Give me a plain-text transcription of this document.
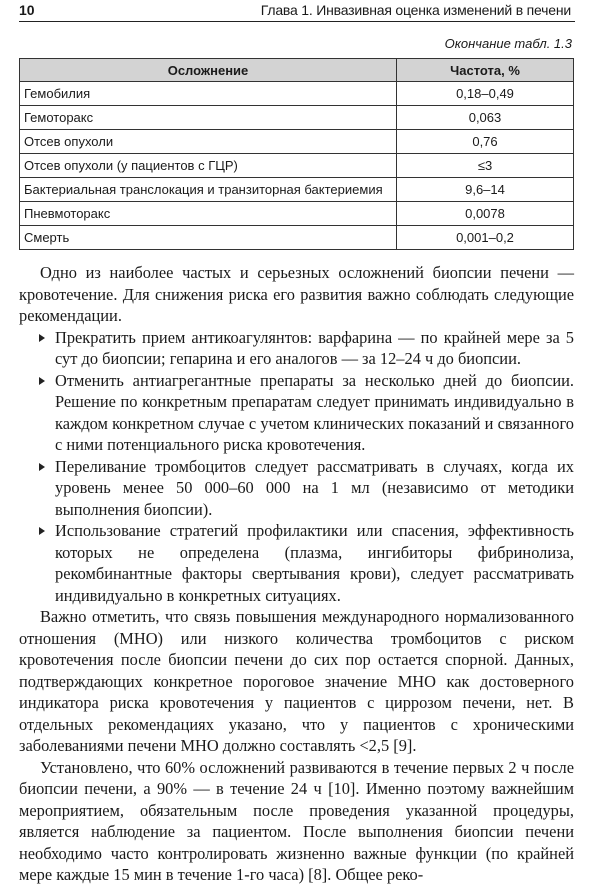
10	Глава 1. Инвазивная оценка изменений в печени
Окончание табл. 1.3
Осложнение	Частота, %
Гемобилия	0,18–0,49
Гемоторакс	0,063
Отсев опухоли	0,76
Отсев опухоли (у пациентов с ГЦР)	≤3
Бактериальная транслокация и транзиторная бактериемия	9,6–14
Пневмоторакс	0,0078
Смерть	0,001–0,2

Одно из наиболее частых и серьезных осложнений биопсии печени — кровотечение. Для снижения риска его развития важно соблюдать следующие рекомендации.

Прекратить прием антикоагулянтов: варфарина — по крайней мере за 5 сут до биопсии; гепарина и его аналогов — за 12–24 ч до биопсии.
Отменить антиагрегантные препараты за несколько дней до биопсии. Решение по конкретным препаратам следует принимать индивидуально в каждом конкретном случае с учетом клинических показаний и связанного с ними потенциального риска кровотечения.
Переливание тромбоцитов следует рассматривать в случаях, когда их уровень менее 50 000–60 000 на 1 мл (независимо от методики выполнения биопсии).
Использование стратегий профилактики или спасения, эффективность которых не определена (плазма, ингибиторы фибринолиза, рекомбинантные факторы свертывания крови), следует рассматривать индивидуально в конкретных ситуациях.

Важно отметить, что связь повышения международного нормализованного отношения (МНО) или низкого количества тромбоцитов с риском кровотечения после биопсии печени до сих пор остается спорной. Данных, подтверждающих конкретное пороговое значение МНО как достоверного индикатора риска кровотечения у пациентов с циррозом печени, нет. В отдельных рекомендациях указано, что у пациентов с хроническими заболеваниями печени МНО должно составлять <2,5 [9].

Установлено, что 60% осложнений развиваются в течение первых 2 ч после биопсии печени, а 90% — в течение 24 ч [10]. Именно поэтому важнейшим мероприятием, обязательным после проведения указанной процедуры, является наблюдение за пациентом. После выполнения биопсии печени необходимо часто контролировать жизненно важные функции (по крайней мере каждые 15 мин в течение 1-го часа) [8]. Общее реко-
